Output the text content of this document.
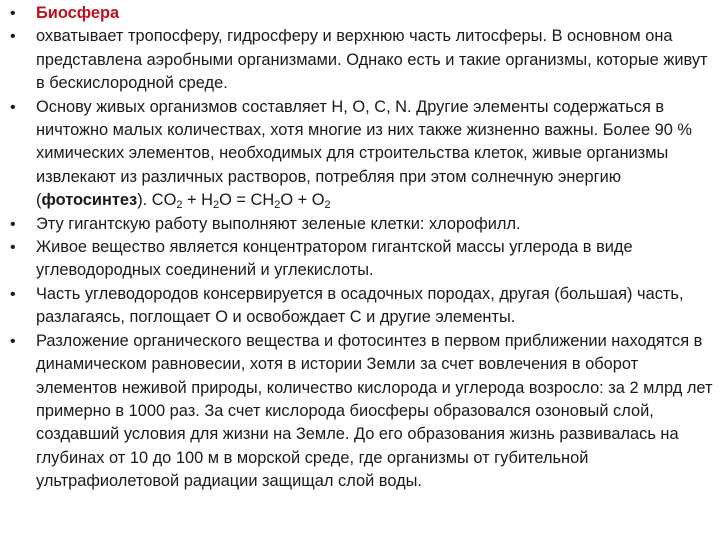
• Биосфера
• охватывает тропосферу, гидросферу и верхнюю часть литосферы. В основном она представлена аэробными организмами. Однако есть и такие организмы, которые живут в бескислородной среде.
• Основу живых организмов составляет H, O, C, N. Другие элементы содержаться в ничтожно малых количествах, хотя многие из них также жизненно важны. Более 90 % химических элементов, необходимых для строительства клеток, живые организмы извлекают из различных растворов, потребляя при этом солнечную энергию (фотосинтез). $CO_2 + H_2O = CH_2O + O_2$
• Эту гигантскую работу выполняют зеленые клетки: хлорофилл.
• Живое вещество является концентратором гигантской массы углерода в виде углеводородных соединений и углекислоты.
• Часть углеводородов консервируется в осадочных породах, другая (большая) часть, разлагаясь, поглощает O и освобождает C и другие элементы.
• Разложение органического вещества и фотосинтез в первом приближении находятся в динамическом равновесии, хотя в истории Земли за счет вовлечения в оборот элементов неживой природы, количество кислорода и углерода возросло: за 2 млрд лет примерно в 1000 раз. За счет кислорода биосферы образовался озоновый слой, создавший условия для жизни на Земле. До его образования жизнь развивалась на глубинах от 10 до 100 м в морской среде, где организмы от губительной ультрафиолетовой радиации защищал слой воды.
